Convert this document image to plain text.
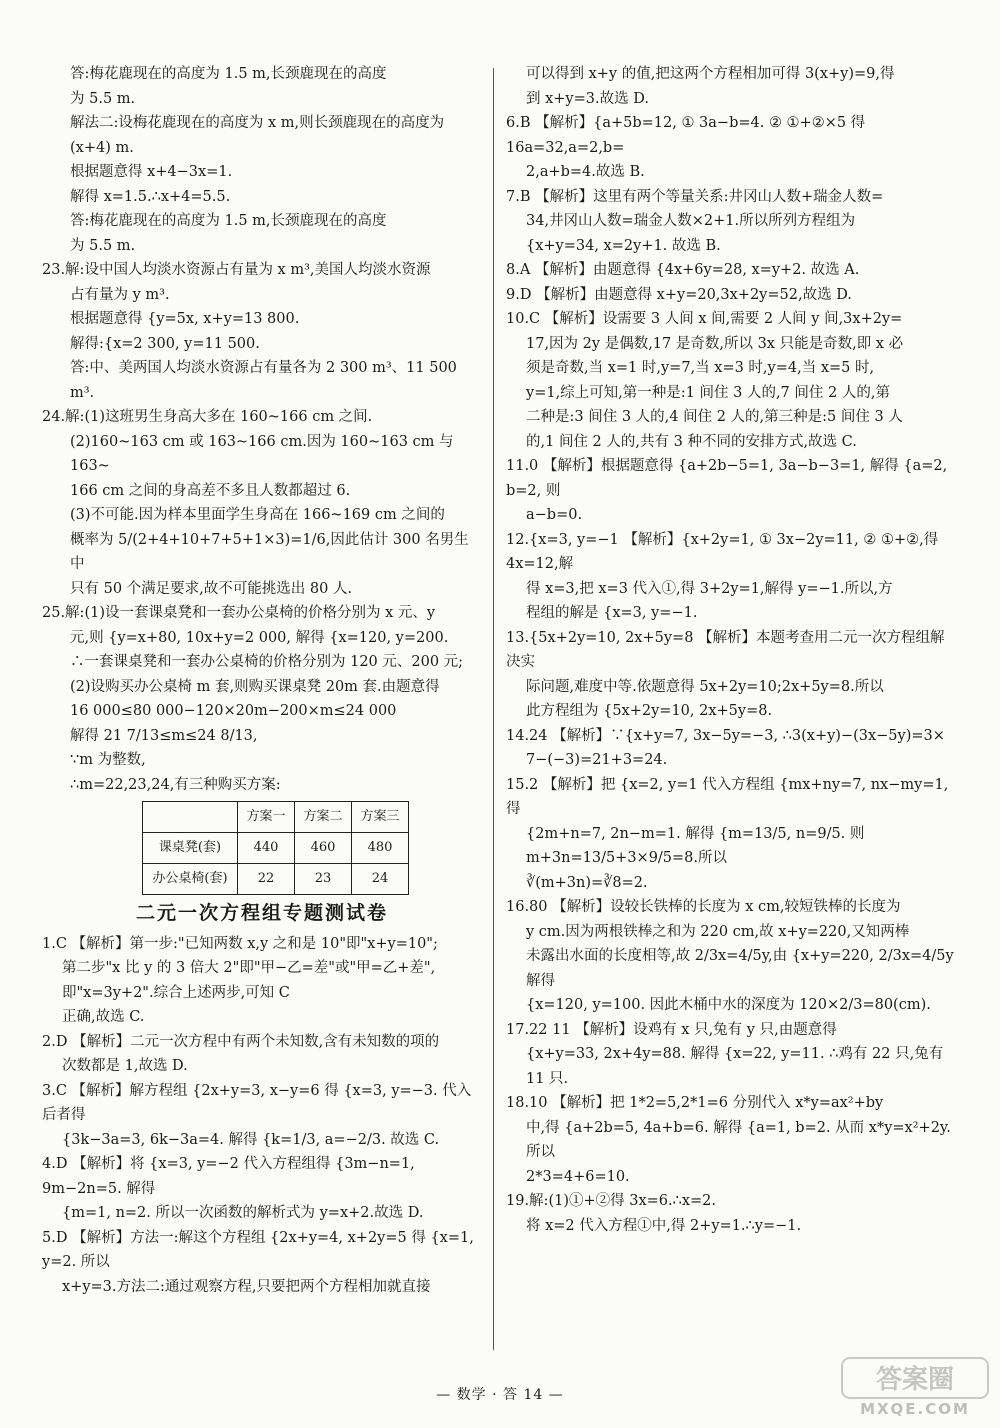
答:梅花鹿现在的高度为 1.5 m,长颈鹿现在的高度

为 5.5 m.

解法二:设梅花鹿现在的高度为 x m,则长颈鹿现在的高度为

(x+4) m.

根据题意得 x+4−3x=1.

解得 x=1.5.∴x+4=5.5.

答:梅花鹿现在的高度为 1.5 m,长颈鹿现在的高度

为 5.5 m.

23.解:设中国人均淡水资源占有量为 x m³,美国人均淡水资源

占有量为 y m³.

根据题意得 {y=5x, x+y=13 800.

解得:{x=2 300, y=11 500.

答:中、美两国人均淡水资源占有量各为 2 300 m³、11 500 m³.

24.解:(1)这班男生身高大多在 160~166 cm 之间.

(2)160~163 cm 或 163~166 cm.因为 160~163 cm 与163~

166 cm 之间的身高差不多且人数都超过 6.

(3)不可能.因为样本里面学生身高在 166~169 cm 之间的

概率为 5/(2+4+10+7+5+1×3)=1/6,因此估计 300 名男生中

只有 50 个满足要求,故不可能挑选出 80 人.

25.解:(1)设一套课桌凳和一套办公桌椅的价格分别为 x 元、y

元,则 {y=x+80, 10x+y=2 000, 解得 {x=120, y=200.

∴一套课桌凳和一套办公桌椅的价格分别为 120 元、200 元;

(2)设购买办公桌椅 m 套,则购买课桌凳 20m 套.由题意得

16 000≤80 000−120×20m−200×m≤24 000

解得 21 7/13≤m≤24 8/13,

∵m 为整数,

∴m=22,23,24,有三种购买方案:

	方案一	方案二	方案三
课桌凳(套)	440	460	480
办公桌椅(套)	22	23	24
二元一次方程组专题测试卷

1.C 【解析】第一步:"已知两数 x,y 之和是 10"即"x+y=10";

第二步"x 比 y 的 3 倍大 2"即"甲−乙=差"或"甲=乙+差",即"x=3y+2".综合上述两步,可知 C

正确,故选 C.

2.D 【解析】二元一次方程中有两个未知数,含有未知数的项的

次数都是 1,故选 D.

3.C 【解析】解方程组 {2x+y=3, x−y=6 得 {x=3, y=−3. 代入后者得

{3k−3a=3, 6k−3a=4. 解得 {k=1/3, a=−2/3. 故选 C.

4.D 【解析】将 {x=3, y=−2 代入方程组得 {3m−n=1, 9m−2n=5. 解得

{m=1, n=2. 所以一次函数的解析式为 y=x+2.故选 D.

5.D 【解析】方法一:解这个方程组 {2x+y=4, x+2y=5 得 {x=1, y=2. 所以

x+y=3.方法二:通过观察方程,只要把两个方程相加就直接

可以得到 x+y 的值,把这两个方程相加可得 3(x+y)=9,得

到 x+y=3.故选 D.

6.B 【解析】{a+5b=12, ① 3a−b=4. ② ①+②×5 得 16a=32,a=2,b=

2,a+b=4.故选 B.

7.B 【解析】这里有两个等量关系:井冈山人数+瑞金人数=

34,井冈山人数=瑞金人数×2+1.所以所列方程组为

{x+y=34, x=2y+1. 故选 B.

8.A 【解析】由题意得 {4x+6y=28, x=y+2. 故选 A.

9.D 【解析】由题意得 x+y=20,3x+2y=52,故选 D.

10.C 【解析】设需要 3 人间 x 间,需要 2 人间 y 间,3x+2y=

17,因为 2y 是偶数,17 是奇数,所以 3x 只能是奇数,即 x 必

须是奇数,当 x=1 时,y=7,当 x=3 时,y=4,当 x=5 时,

y=1,综上可知,第一种是:1 间住 3 人的,7 间住 2 人的,第

二种是:3 间住 3 人的,4 间住 2 人的,第三种是:5 间住 3 人

的,1 间住 2 人的,共有 3 种不同的安排方式,故选 C.

11.0 【解析】根据题意得 {a+2b−5=1, 3a−b−3=1, 解得 {a=2, b=2, 则

a−b=0.

12.{x=3, y=−1 【解析】{x+2y=1, ① 3x−2y=11, ② ①+②,得 4x=12,解

得 x=3,把 x=3 代入①,得 3+2y=1,解得 y=−1.所以,方

程组的解是 {x=3, y=−1.

13.{5x+2y=10, 2x+5y=8 【解析】本题考查用二元一次方程组解决实

际问题,难度中等.依题意得 5x+2y=10;2x+5y=8.所以

此方程组为 {5x+2y=10, 2x+5y=8.

14.24 【解析】∵{x+y=7, 3x−5y=−3, ∴3(x+y)−(3x−5y)=3×

7−(−3)=21+3=24.

15.2 【解析】把 {x=2, y=1 代入方程组 {mx+ny=7, nx−my=1, 得

{2m+n=7, 2n−m=1. 解得 {m=13/5, n=9/5. 则 m+3n=13/5+3×9/5=8.所以

∛(m+3n)=∛8=2.

16.80 【解析】设较长铁棒的长度为 x cm,较短铁棒的长度为

y cm.因为两根铁棒之和为 220 cm,故 x+y=220,又知两棒

未露出水面的长度相等,故 2/3x=4/5y,由 {x+y=220, 2/3x=4/5y 解得

{x=120, y=100. 因此木桶中水的深度为 120×2/3=80(cm).

17.22 11 【解析】设鸡有 x 只,兔有 y 只,由题意得

{x+y=33, 2x+4y=88. 解得 {x=22, y=11. ∴鸡有 22 只,兔有 11 只.

18.10 【解析】把 1*2=5,2*1=6 分别代入 x*y=ax²+by

中,得 {a+2b=5, 4a+b=6. 解得 {a=1, b=2. 从而 x*y=x²+2y.所以

2*3=4+6=10.

19.解:(1)①+②得 3x=6.∴x=2.

将 x=2 代入方程①中,得 2+y=1.∴y=−1.

— 数学 · 答 14 —	答案圈
MXQE.COM
